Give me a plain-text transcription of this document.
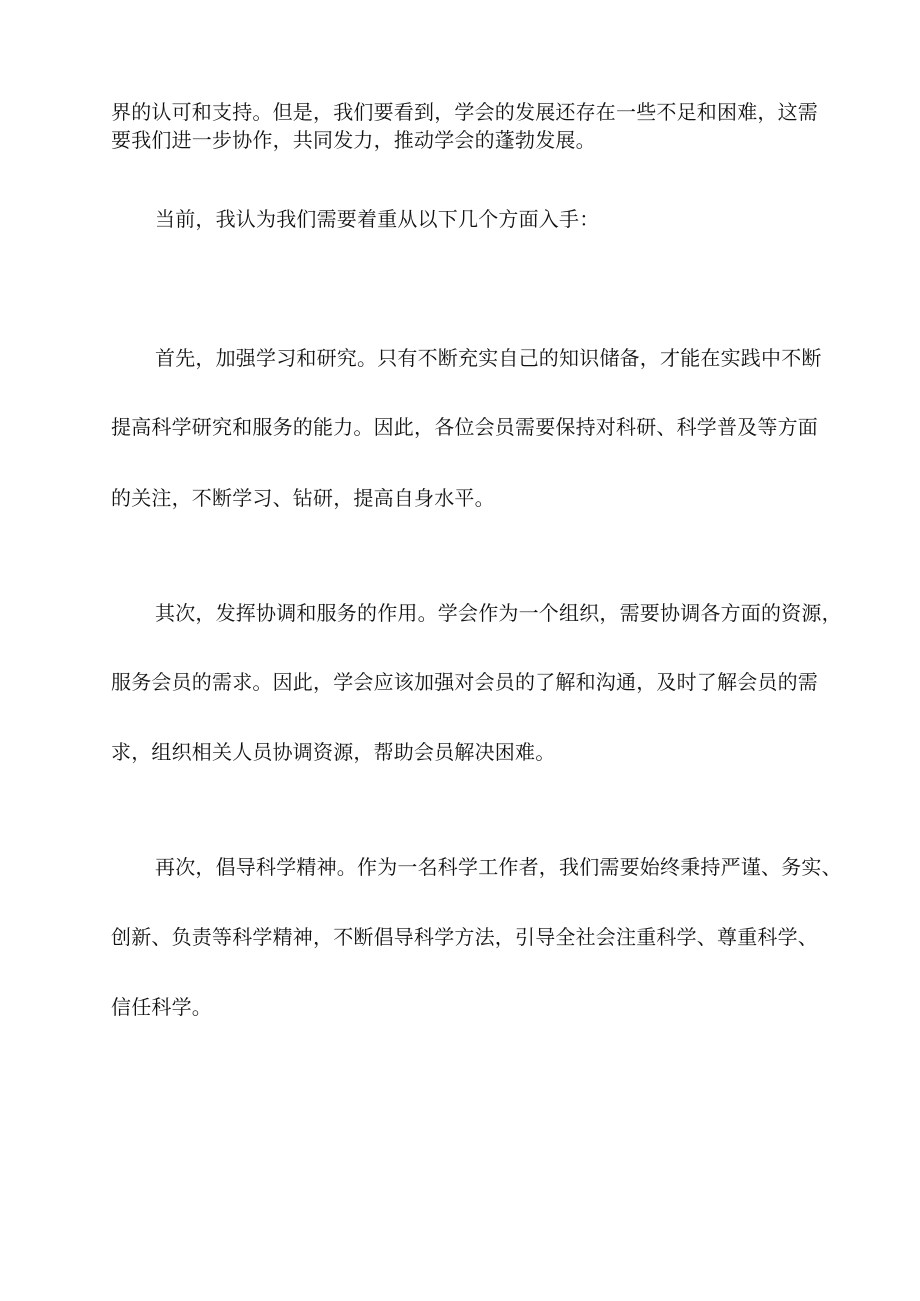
界的认可和支持。但是，我们要看到，学会的发展还存在一些不足和困难，这需
要我们进一步协作，共同发力，推动学会的蓬勃发展。
当前，我认为我们需要着重从以下几个方面入手：
首先，加强学习和研究。只有不断充实自己的知识储备，才能在实践中不断
提高科学研究和服务的能力。因此，各位会员需要保持对科研、科学普及等方面
的关注，不断学习、钻研，提高自身水平。
其次，发挥协调和服务的作用。学会作为一个组织，需要协调各方面的资源，
服务会员的需求。因此，学会应该加强对会员的了解和沟通，及时了解会员的需
求，组织相关人员协调资源，帮助会员解决困难。
再次，倡导科学精神。作为一名科学工作者，我们需要始终秉持严谨、务实、
创新、负责等科学精神，不断倡导科学方法，引导全社会注重科学、尊重科学、
信任科学。
